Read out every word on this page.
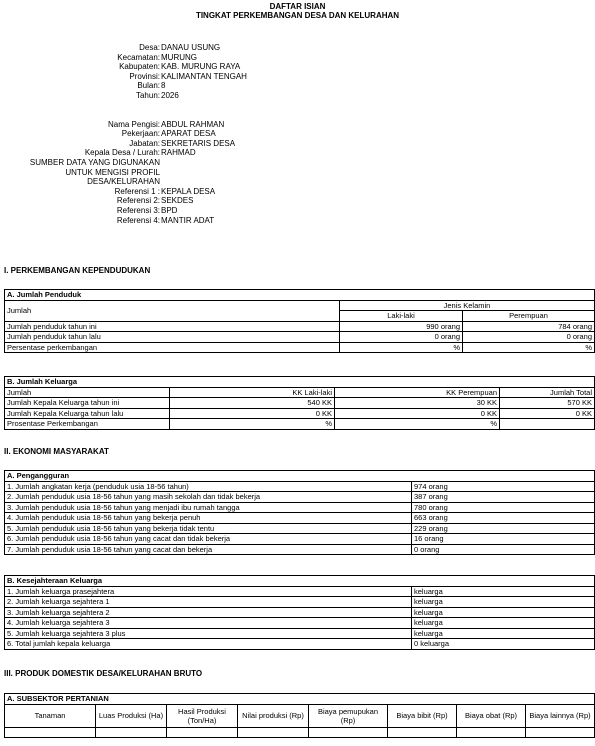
DAFTAR ISIAN
TINGKAT PERKEMBANGAN DESA DAN KELURAHAN
Desa: DANAU USUNG
Kecamatan: MURUNG
Kabupaten: KAB. MURUNG RAYA
Provinsi: KALIMANTAN TENGAH
Bulan: 8
Tahun: 2026
Nama Pengisi: ABDUL RAHMAN
Pekerjaan: APARAT DESA
Jabatan: SEKRETARIS DESA
Kepala Desa / Lurah: RAHMAD
SUMBER DATA YANG DIGUNAKAN
UNTUK MENGISI PROFIL
DESA/KELURAHAN
Referensi 1 : KEPALA DESA
Referensi 2: SEKDES
Referensi 3: BPD
Referensi 4: MANTIR ADAT
I. PERKEMBANGAN KEPENDUDUKAN
A. Jumlah Penduduk		
Jumlah	Jenis Kelamin	
	Laki-laki	Perempuan
Jumlah penduduk tahun ini	990 orang	784 orang
Jumlah penduduk tahun lalu	0 orang	0 orang
Persentase perkembangan	%	%
B. Jumlah Keluarga			
Jumlah	KK Laki-laki	KK Perempuan	Jumlah Total
Jumlah Kepala Keluarga tahun ini	540 KK	30 KK	570 KK
Jumlah Kepala Keluarga tahun lalu	0 KK	0 KK	0 KK
Prosentase Perkembangan	%	%	
II. EKONOMI MASYARAKAT
A. Pengangguran	
1. Jumlah angkatan kerja (penduduk usia 18-56 tahun)	974 orang
2. Jumlah penduduk usia 18-56 tahun yang masih sekolah dan tidak bekerja	387 orang
3. Jumlah penduduk usia 18-56 tahun yang menjadi ibu rumah tangga	780 orang
4. Jumlah penduduk usia 18-56 tahun yang bekerja penuh	663 orang
5. Jumlah penduduk usia 18-56 tahun yang bekerja tidak tentu	229 orang
6. Jumlah penduduk usia 18-56 tahun yang cacat dan tidak bekerja	16 orang
7. Jumlah penduduk usia 18-56 tahun yang cacat dan bekerja	0 orang
B. Kesejahteraan Keluarga	
1. Jumlah keluarga prasejahtera	keluarga
2. Jumlah keluarga sejahtera 1	keluarga
3. Jumlah keluarga sejahtera 2	keluarga
4. Jumlah keluarga sejahtera 3	keluarga
5. Jumlah keluarga sejahtera 3 plus	keluarga
6. Total jumlah kepala keluarga	0 keluarga
III. PRODUK DOMESTIK DESA/KELURAHAN BRUTO
A. SUBSEKTOR PERTANIAN							
Tanaman	Luas Produksi (Ha)	Hasil Produksi (Ton/Ha)	Nilai produksi (Rp)	Biaya pemupukan (Rp)	Biaya bibit (Rp)	Biaya obat (Rp)	Biaya lainnya (Rp)
